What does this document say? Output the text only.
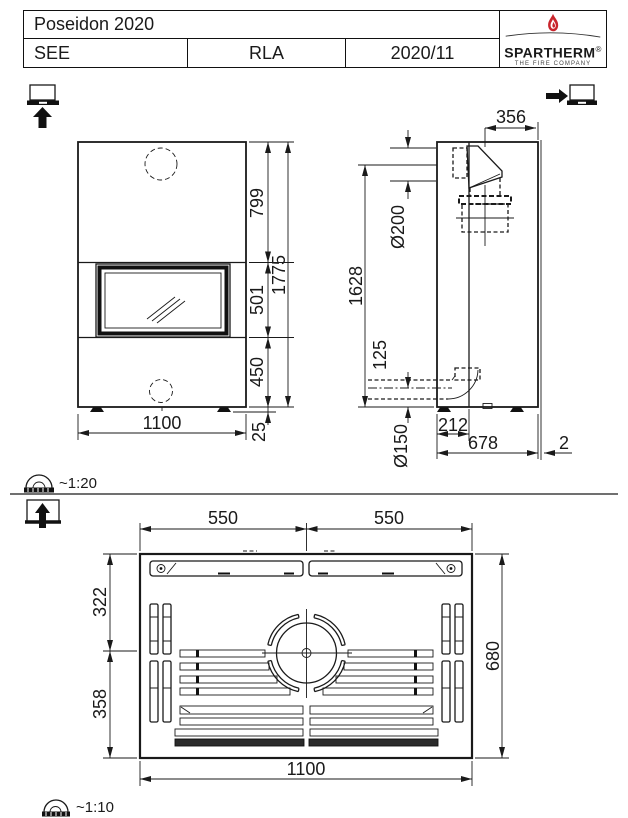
Poseidon 2020
SEE	RLA	2020/11	SPARTHERM®
THE FIRE COMPANY
799
501
450
1775
25
1100
356
Ø200
1628
125
Ø150 212
678	2
~1:20
550	550
322
358
680
1100
~1:10
